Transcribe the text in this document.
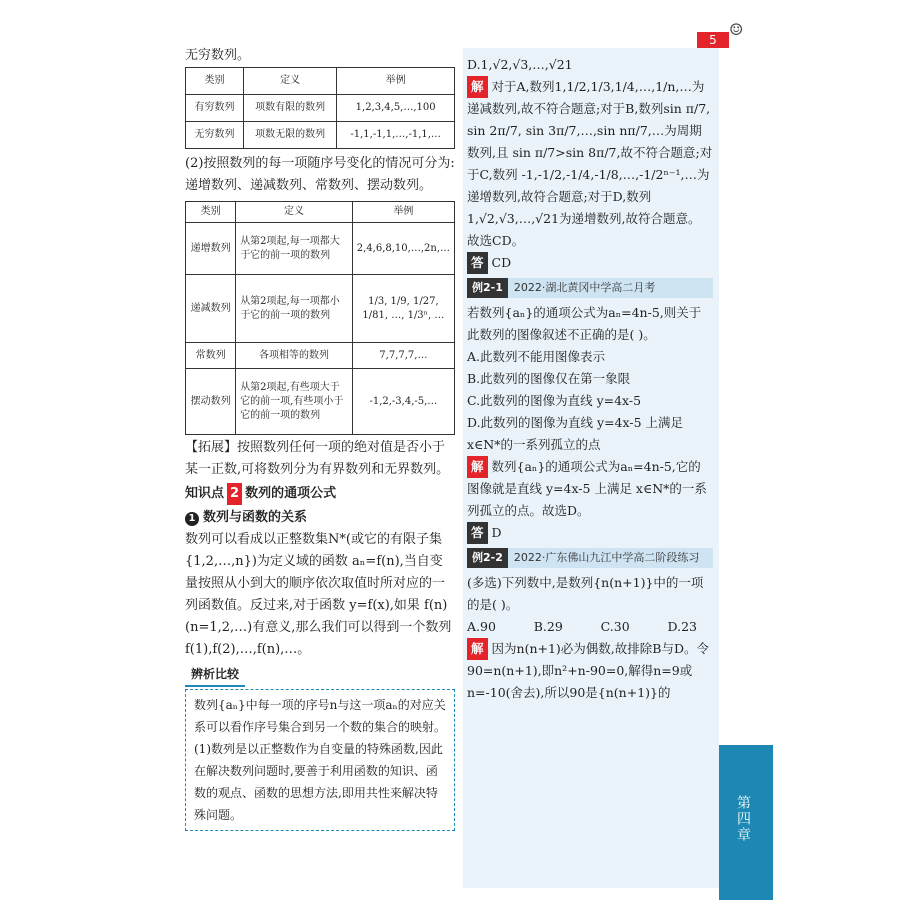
5
☺
无穷数列。
类别	定义	举例
有穷数列	项数有限的数列	1,2,3,4,5,…,100
无穷数列	项数无限的数列	-1,1,-1,1,…,-1,1,…
(2)按照数列的每一项随序号变化的情况可分为:递增数列、递减数列、常数列、摆动数列。
类别	定义	举例
递增数列	从第2项起,每一项都大于它的前一项的数列	2,4,6,8,10,…,2n,…
递减数列	从第2项起,每一项都小于它的前一项的数列	1/3, 1/9, 1/27, 1/81, …, 1/3ⁿ, …
常数列	各项相等的数列	7,7,7,7,…
摆动数列	从第2项起,有些项大于它的前一项,有些项小于它的前一项的数列	-1,2,-3,4,-5,…
【拓展】按照数列任何一项的绝对值是否小于某一正数,可将数列分为有界数列和无界数列。
知识点 2 数列的通项公式
1 数列与函数的关系
数列可以看成以正整数集N*(或它的有限子集{1,2,…,n})为定义域的函数 aₙ=f(n),当自变量按照从小到大的顺序依次取值时所对应的一列函数值。反过来,对于函数 y=f(x),如果 f(n)(n=1,2,…)有意义,那么我们可以得到一个数列 f(1),f(2),…,f(n),…。
辨析比较
数列{aₙ}中每一项的序号n与这一项aₙ的对应关系可以看作序号集合到另一个数的集合的映射。
(1)数列是以正整数作为自变量的特殊函数,因此在解决数列问题时,要善于利用函数的知识、函数的观点、函数的思想方法,即用共性来解决特殊问题。
D.1,√2,√3,…,√21
解 对于A,数列1,1/2,1/3,1/4,…,1/n,…为递减数列,故不符合题意;对于B,数列sin π/7, sin 2π/7, sin 3π/7,…,sin nπ/7,…为周期数列,且 sin π/7>sin 8π/7,故不符合题意;对于C,数列 -1,-1/2,-1/4,-1/8,…,-1/2ⁿ⁻¹,…为递增数列,故符合题意;对于D,数列1,√2,√3,…,√21为递增数列,故符合题意。故选CD。
答 CD
例2-1 2022·湖北黄冈中学高二月考
若数列{aₙ}的通项公式为aₙ=4n-5,则关于此数列的图像叙述不正确的是( )。
A.此数列不能用图像表示
B.此数列的图像仅在第一象限
C.此数列的图像为直线 y=4x-5
D.此数列的图像为直线 y=4x-5 上满足 x∈N*的一系列孤立的点
解 数列{aₙ}的通项公式为aₙ=4n-5,它的图像就是直线 y=4x-5 上满足 x∈N*的一系列孤立的点。故选D。
答 D
例2-2 2022·广东佛山九江中学高二阶段练习
(多选)下列数中,是数列{n(n+1)}中的一项的是( )。
A.90	B.29	C.30	D.23
解 因为n(n+1)必为偶数,故排除B与D。令90=n(n+1),即n²+n-90=0,解得n=9或n=-10(舍去),所以90是{n(n+1)}的
第四章
